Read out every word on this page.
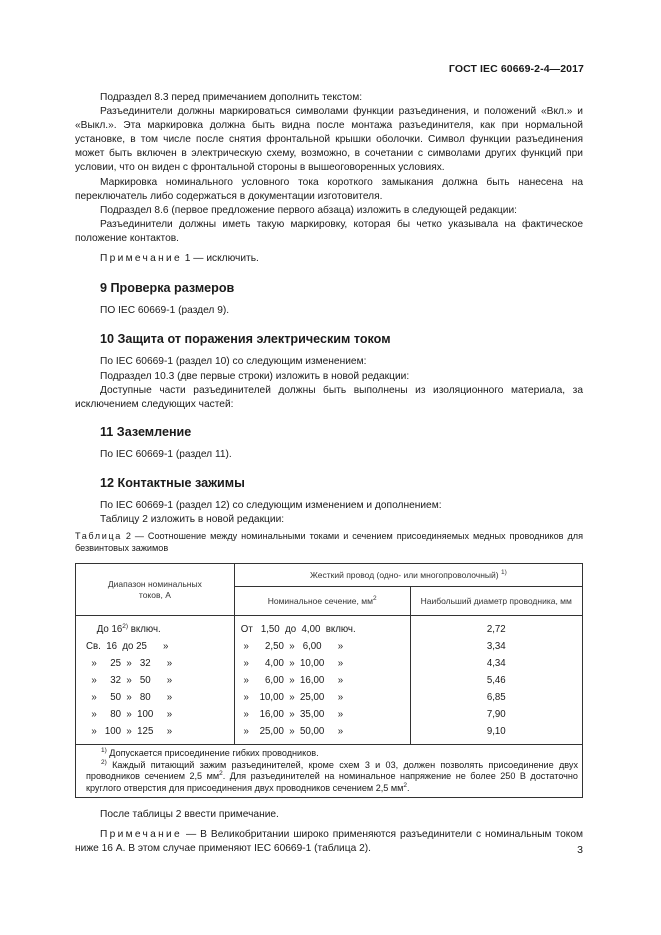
ГОСТ IEC 60669-2-4—2017

Подраздел 8.3 перед примечанием дополнить текстом:

Разъединители должны маркироваться символами функции разъединения, и положений «Вкл.» и «Выкл.». Эта маркировка должна быть видна после монтажа разъединителя, как при нормальной установке, в том числе после снятия фронтальной крышки оболочки. Символ функции разъединения может быть включен в электрическую схему, возможно, в сочетании с символами других функций при условии, что он виден с фронтальной стороны в вышеоговоренных условиях.

Маркировка номинального условного тока короткого замыкания должна быть нанесена на переключатель либо содержаться в документации изготовителя.

Подраздел 8.6 (первое предложение первого абзаца) изложить в следующей редакции:

Разъединители должны иметь такую маркировку, которая бы четко указывала на фактическое положение контактов.

Примечание 1 — исключить.

9 Проверка размеров

ПО IEC 60669-1 (раздел 9).

10 Защита от поражения электрическим током

По IEC 60669-1 (раздел 10) со следующим изменением:

Подраздел 10.3 (две первые строки) изложить в новой редакции:

Доступные части разъединителей должны быть выполнены из изоляционного материала, за исключением следующих частей:

11 Заземление

По IEC 60669-1 (раздел 11).

12 Контактные зажимы

По IEC 60669-1 (раздел 12) со следующим изменением и дополнением:

Таблицу 2 изложить в новой редакции:

Таблица 2 — Соотношение между номинальными токами и сечением присоединяемых медных проводников для безвинтовых зажимов

Диапазон номинальных токов, А	Жесткий провод (одно- или многопроволочный) $^{1)}$
	Номинальное сечение, $мм^2$	Наибольший диаметр проводника, мм

До 16$^{2)}$ включ.	От   1,50  до  4,00  включ.	2,72
Св.  16  до 25      »	»      2,50  »   6,00      »	3,34
»     25  »   32      »	»      4,00  »  10,00     »	4,34
»     32  »   50      »	»      6,00  »  16,00     »	5,46
»     50  »   80      »	»    10,00  »  25,00     »	6,85
»     80  »  100     »	»    16,00  »  35,00     »	7,90
»   100  »  125     »	»    25,00  »  50,00     »	9,10

$^{1)}$ Допускается присоединение гибких проводников.
$^{2)}$ Каждый питающий зажим разъединителей, кроме схем 3 и 03, должен позволять присоединение двух проводников сечением 2,5 $мм^2$. Для разъединителей на номинальное напряжение не более 250 В достаточно круглого отверстия для присоединения двух проводников сечением 2,5 $мм^2$.		

После таблицы 2 ввести примечание.

Примечание — В Великобритании широко применяются разъединители с номинальным током ниже 16 А. В этом случае применяют IEC 60669-1 (таблица 2).	3
